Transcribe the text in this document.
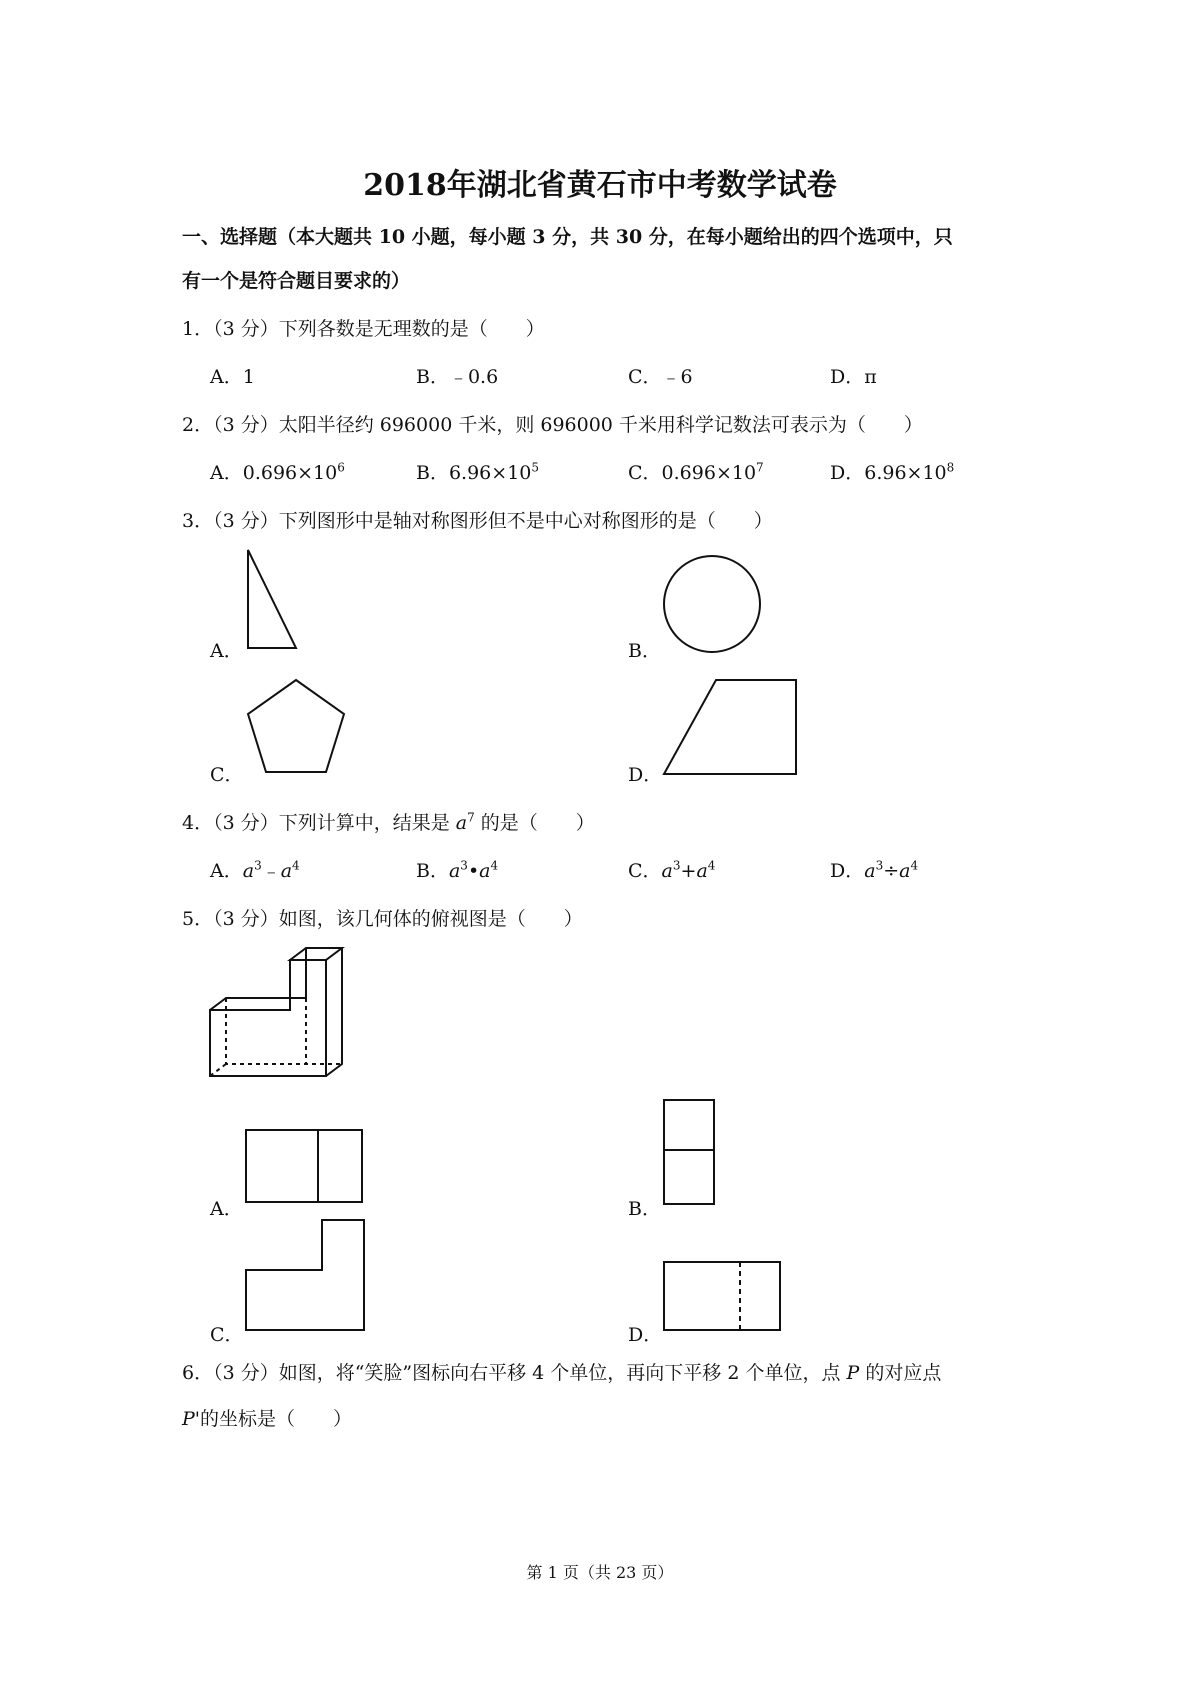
2018年湖北省黄石市中考数学试卷
一、选择题（本大题共 10 小题，每小题 3 分，共 30 分，在每小题给出的四个选项中，只
有一个是符合题目要求的）
1．（3 分）下列各数是无理数的是（　　）
A．1	B．﹣0.6	C．﹣6	D．π
2．（3 分）太阳半径约 696000 千米，则 696000 千米用科学记数法可表示为（　　）
A．$0.696\times 10^6$	B．$6.96\times 10^5$	C．$0.696\times 10^7$	D．$6.96\times 10^8$
3．（3 分）下列图形中是轴对称图形但不是中心对称图形的是（　　）
A．	B．
C．	D．
4．（3 分）下列计算中，结果是 $a^7$ 的是（　　）
A．$a^3﹣a^4$	B．$a^3•a^4$	C．$a^3+a^4$	D．$a^3\div a^4$
5．（3 分）如图，该几何体的俯视图是（　　）
A．	B．
C．	D．
6．（3 分）如图，将“笑脸”图标向右平移 4 个单位，再向下平移 2 个单位，点 P 的对应点
P'的坐标是（　　）
第 1 页（共 23 页）
